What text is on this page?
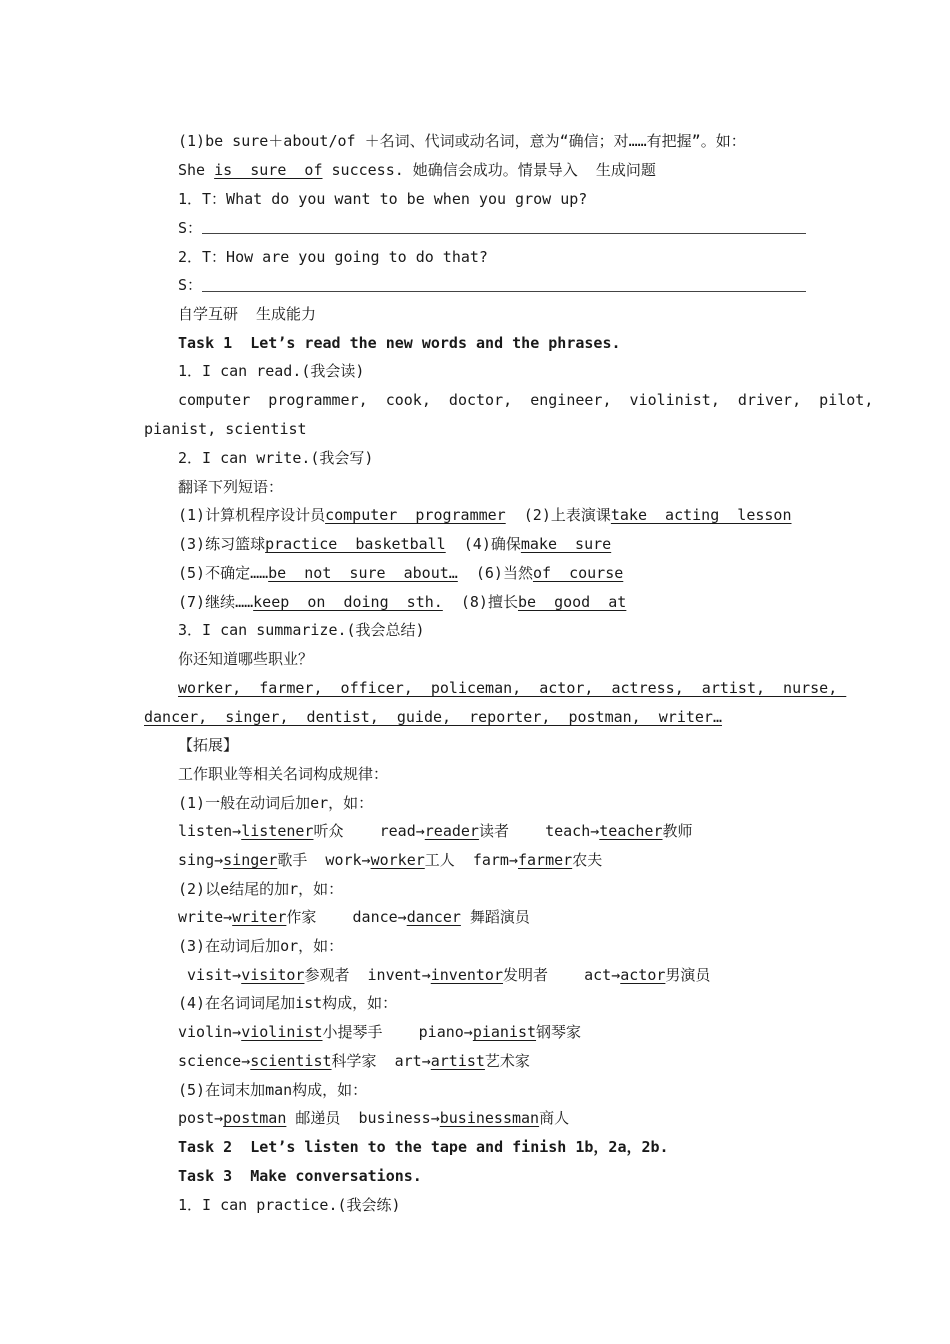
(1)be sure＋about/of ＋名词、代词或动名词，意为“确信；对……有把握”。如：
She is  sure  of success. 她确信会成功。情景导入  生成问题
1．T：What do you want to be when you grow up?
S：
2．T：How are you going to do that?
S：
自学互研  生成能力
Task 1  Let’s read the new words and the phrases.
1．I can read.(我会读)
computer  programmer,  cook,  doctor,  engineer,  violinist,  driver,  pilot,
pianist, scientist
2．I can write.(我会写)
翻译下列短语：
(1)计算机程序设计员computer  programmer  (2)上表演课take  acting  lesson
(3)练习篮球practice  basketball  (4)确保make  sure
(5)不确定……be  not  sure  about…  (6)当然of  course
(7)继续……keep  on  doing  sth.  (8)擅长be  good  at
3．I can summarize.(我会总结)
你还知道哪些职业？
worker,  farmer,  officer,  policeman,  actor,  actress,  artist,  nurse,
dancer,  singer,  dentist,  guide,  reporter,  postman,  writer…
【拓展】
工作职业等相关名词构成规律：
(1)一般在动词后加er，如：
listen→listener听众    read→reader读者    teach→teacher教师
sing→singer歌手  work→worker工人  farm→farmer农夫
(2)以e结尾的加r，如：
write→writer作家    dance→dancer 舞蹈演员
(3)在动词后加or，如：
visit→visitor参观者  invent→inventor发明者    act→actor男演员
(4)在名词词尾加ist构成，如：
violin→violinist小提琴手    piano→pianist钢琴家
science→scientist科学家  art→artist艺术家
(5)在词末加man构成，如：
post→postman 邮递员  business→businessman商人
Task 2  Let’s listen to the tape and finish 1b，2a，2b.
Task 3  Make conversations.
1．I can practice.(我会练)
